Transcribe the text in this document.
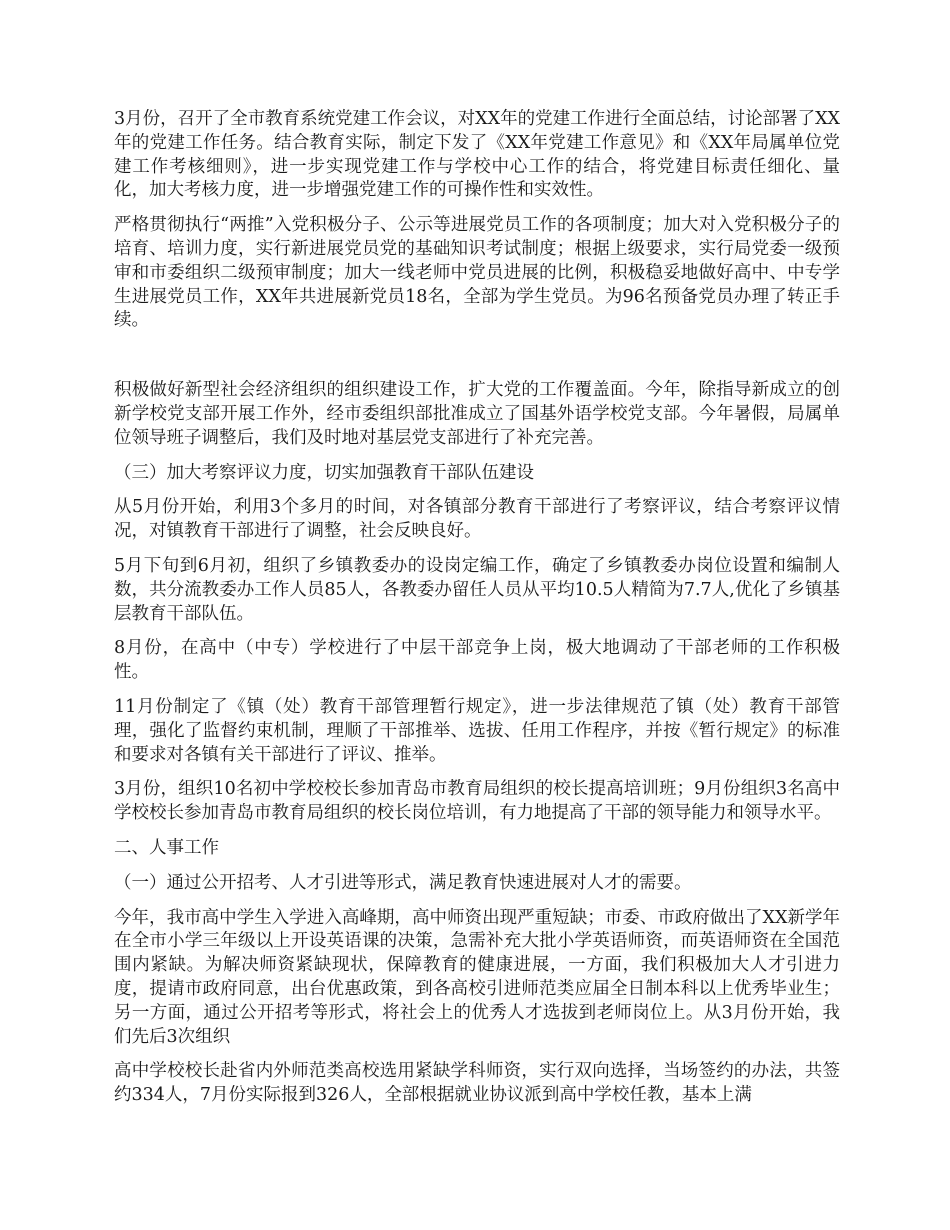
3月份，召开了全市教育系统党建工作会议，对XX年的党建工作进行全面总结，讨论部署了XX年的党建工作任务。结合教育实际，制定下发了《XX年党建工作意见》和《XX年局属单位党建工作考核细则》，进一步实现党建工作与学校中心工作的结合，将党建目标责任细化、量化，加大考核力度，进一步增强党建工作的可操作性和实效性。

严格贯彻执行“两推”入党积极分子、公示等进展党员工作的各项制度；加大对入党积极分子的培育、培训力度，实行新进展党员党的基础知识考试制度；根据上级要求，实行局党委一级预审和市委组织二级预审制度；加大一线老师中党员进展的比例，积极稳妥地做好高中、中专学生进展党员工作，XX年共进展新党员18名，全部为学生党员。为96名预备党员办理了转正手续。

积极做好新型社会经济组织的组织建设工作，扩大党的工作覆盖面。今年，除指导新成立的创新学校党支部开展工作外，经市委组织部批准成立了国基外语学校党支部。今年暑假，局属单位领导班子调整后，我们及时地对基层党支部进行了补充完善。

（三）加大考察评议力度，切实加强教育干部队伍建设

从5月份开始，利用3个多月的时间，对各镇部分教育干部进行了考察评议，结合考察评议情况，对镇教育干部进行了调整，社会反映良好。

5月下旬到6月初，组织了乡镇教委办的设岗定编工作，确定了乡镇教委办岗位设置和编制人数，共分流教委办工作人员85人，各教委办留任人员从平均10.5人精简为7.7人,优化了乡镇基层教育干部队伍。

8月份，在高中（中专）学校进行了中层干部竞争上岗，极大地调动了干部老师的工作积极性。

11月份制定了《镇（处）教育干部管理暂行规定》，进一步法律规范了镇（处）教育干部管理，强化了监督约束机制，理顺了干部推举、选拔、任用工作程序，并按《暂行规定》的标准和要求对各镇有关干部进行了评议、推举。

3月份，组织10名初中学校校长参加青岛市教育局组织的校长提高培训班；9月份组织3名高中学校校长参加青岛市教育局组织的校长岗位培训，有力地提高了干部的领导能力和领导水平。

二、人事工作

（一）通过公开招考、人才引进等形式，满足教育快速进展对人才的需要。

今年，我市高中学生入学进入高峰期，高中师资出现严重短缺；市委、市政府做出了XX新学年在全市小学三年级以上开设英语课的决策，急需补充大批小学英语师资，而英语师资在全国范围内紧缺。为解决师资紧缺现状，保障教育的健康进展，一方面，我们积极加大人才引进力度，提请市政府同意，出台优惠政策，到各高校引进师范类应届全日制本科以上优秀毕业生；另一方面，通过公开招考等形式，将社会上的优秀人才选拔到老师岗位上。从3月份开始，我们先后3次组织

高中学校校长赴省内外师范类高校选用紧缺学科师资，实行双向选择，当场签约的办法，共签约334人，7月份实际报到326人，全部根据就业协议派到高中学校任教，基本上满
